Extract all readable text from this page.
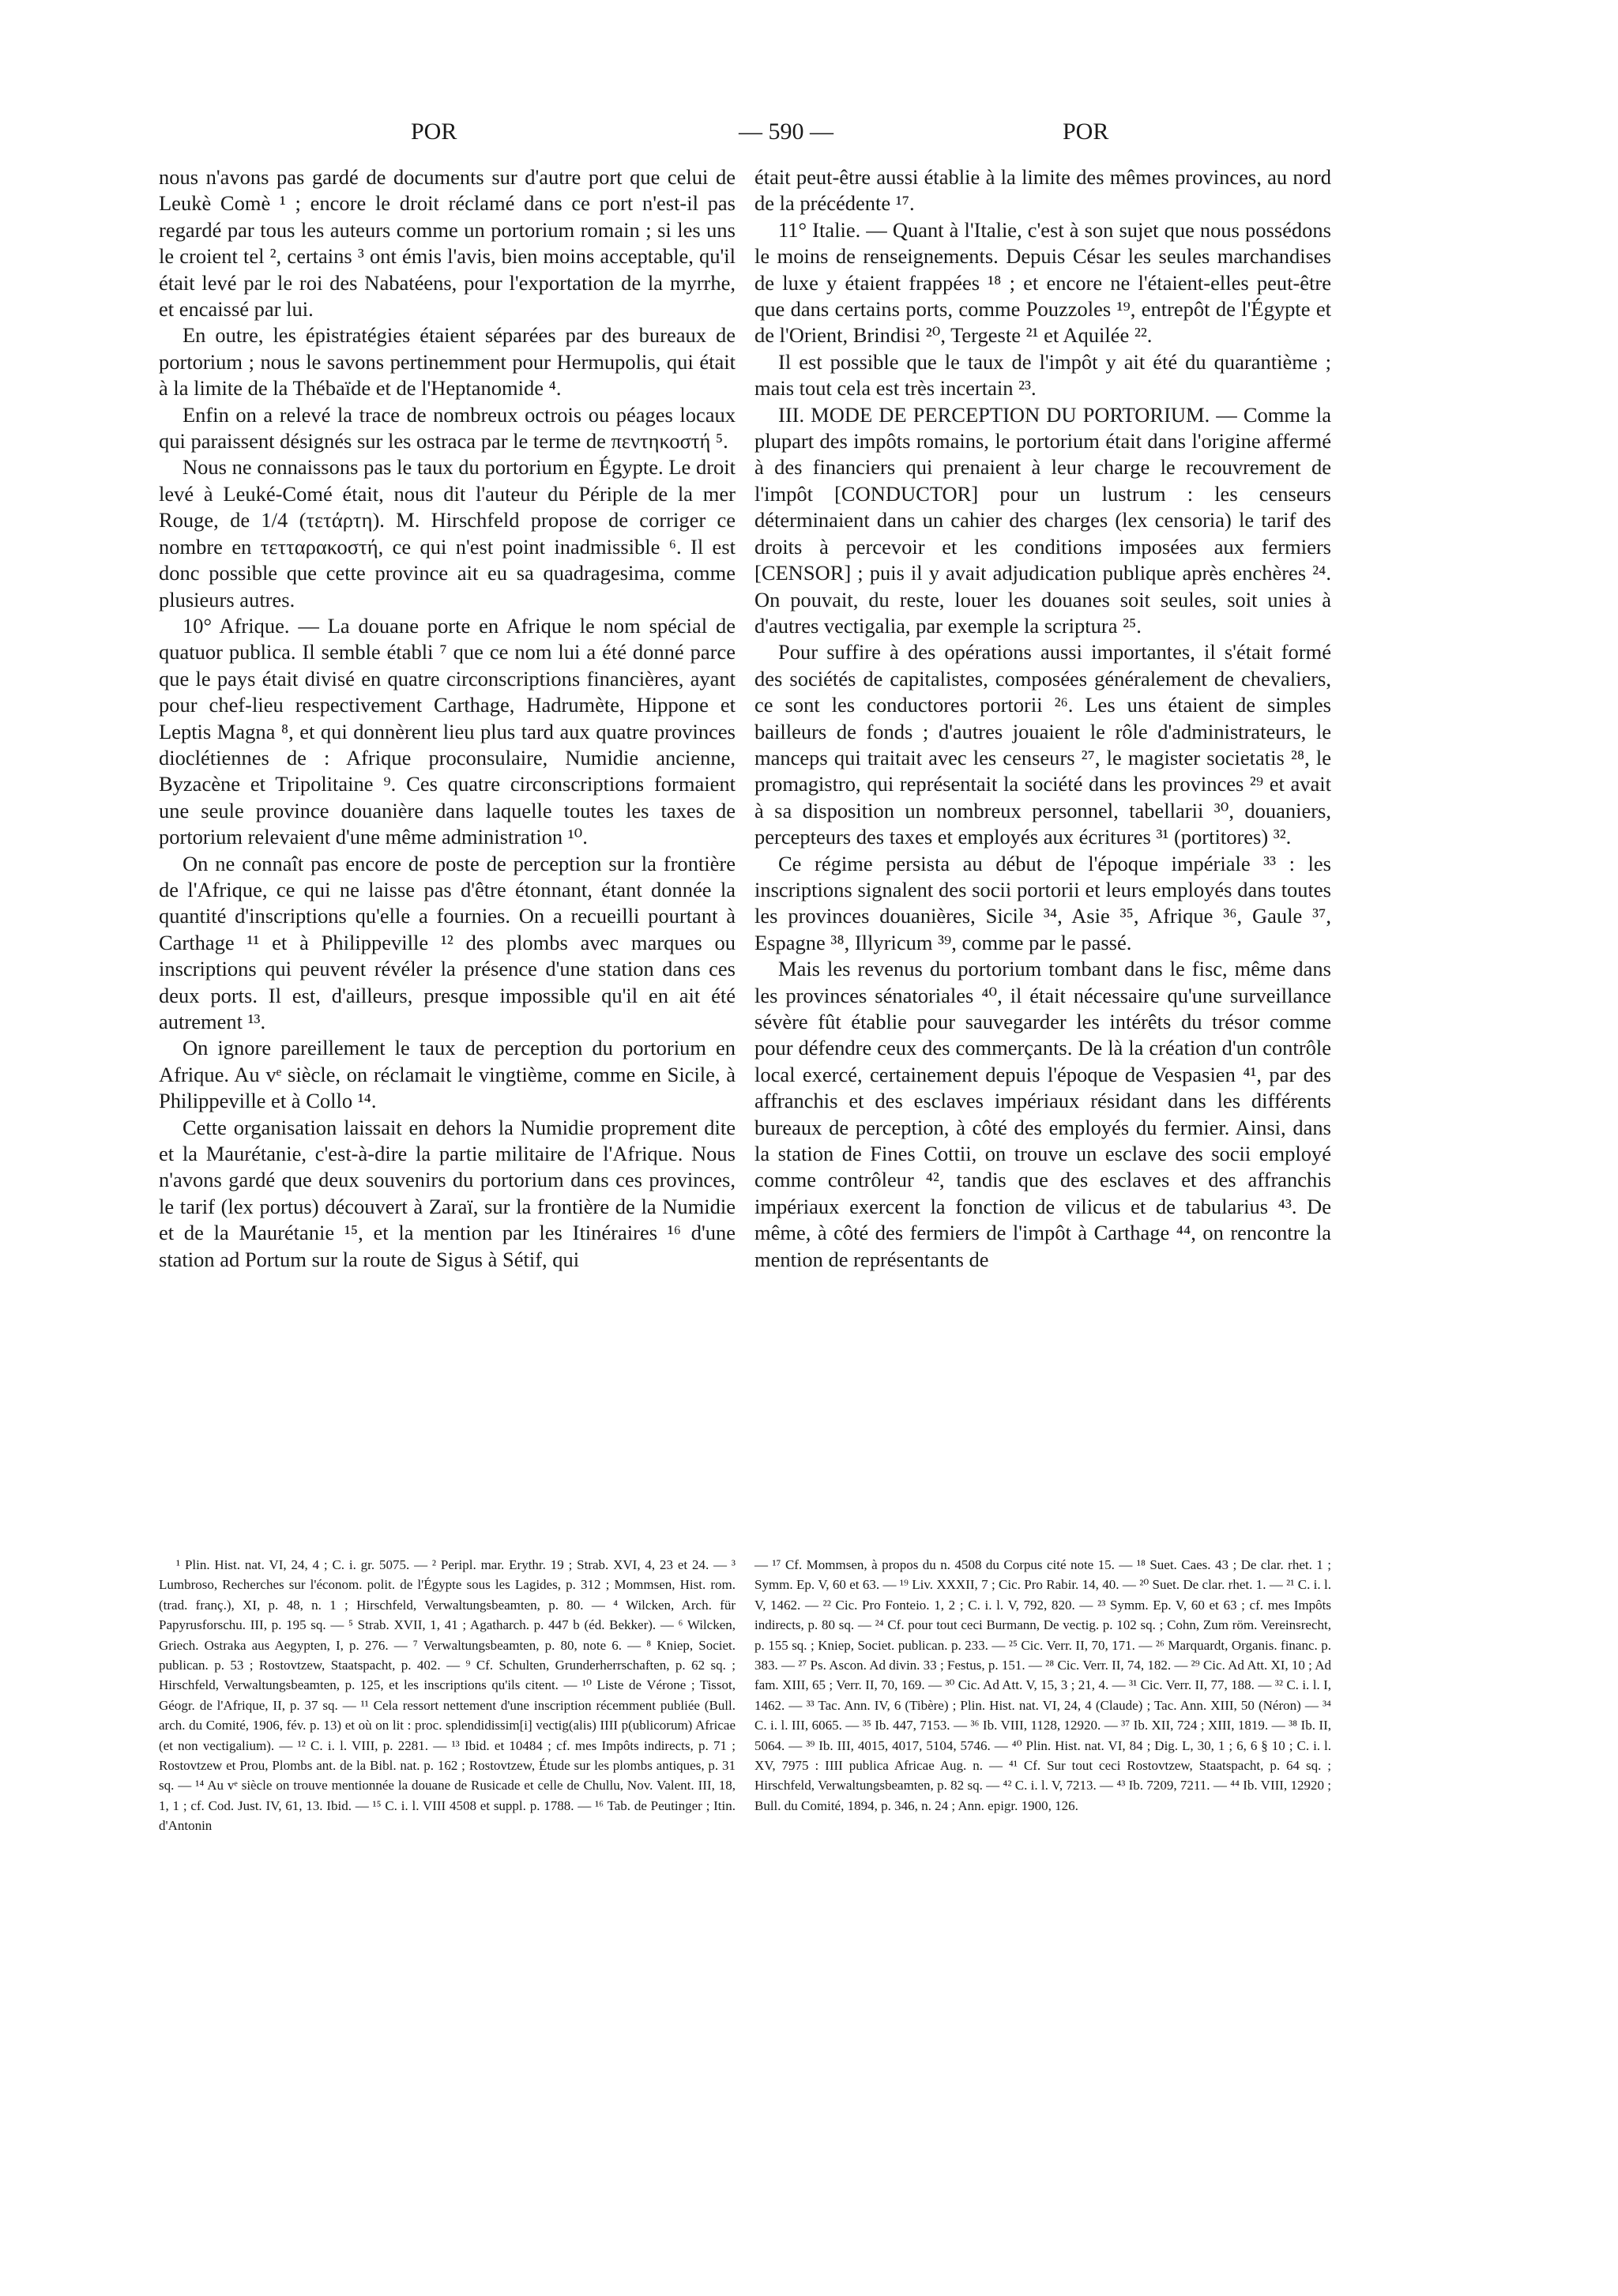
POR	— 590 —	POR

nous n'avons pas gardé de documents sur d'autre port que celui de Leukè Comè ¹ ; encore le droit réclamé dans ce port n'est-il pas regardé par tous les auteurs comme un portorium romain ; si les uns le croient tel ², certains ³ ont émis l'avis, bien moins acceptable, qu'il était levé par le roi des Nabatéens, pour l'exportation de la myrrhe, et encaissé par lui.

En outre, les épistratégies étaient séparées par des bureaux de portorium ; nous le savons pertinemment pour Hermupolis, qui était à la limite de la Thébaïde et de l'Heptanomide ⁴.

Enfin on a relevé la trace de nombreux octrois ou péages locaux qui paraissent désignés sur les ostraca par le terme de πεντηκοστή ⁵.

Nous ne connaissons pas le taux du portorium en Égypte. Le droit levé à Leuké-Comé était, nous dit l'auteur du Périple de la mer Rouge, de 1/4 (τετάρτη). M. Hirschfeld propose de corriger ce nombre en τετταρακοστή, ce qui n'est point inadmissible ⁶. Il est donc possible que cette province ait eu sa quadragesima, comme plusieurs autres.

10° Afrique. — La douane porte en Afrique le nom spécial de quatuor publica. Il semble établi ⁷ que ce nom lui a été donné parce que le pays était divisé en quatre circonscriptions financières, ayant pour chef-lieu respectivement Carthage, Hadrumète, Hippone et Leptis Magna ⁸, et qui donnèrent lieu plus tard aux quatre provinces dioclétiennes de : Afrique proconsulaire, Numidie ancienne, Byzacène et Tripolitaine ⁹. Ces quatre circonscriptions formaient une seule province douanière dans laquelle toutes les taxes de portorium relevaient d'une même administration ¹⁰.

On ne connaît pas encore de poste de perception sur la frontière de l'Afrique, ce qui ne laisse pas d'être étonnant, étant donnée la quantité d'inscriptions qu'elle a fournies. On a recueilli pourtant à Carthage ¹¹ et à Philippeville ¹² des plombs avec marques ou inscriptions qui peuvent révéler la présence d'une station dans ces deux ports. Il est, d'ailleurs, presque impossible qu'il en ait été autrement ¹³.

On ignore pareillement le taux de perception du portorium en Afrique. Au vᵉ siècle, on réclamait le vingtième, comme en Sicile, à Philippeville et à Collo ¹⁴.

Cette organisation laissait en dehors la Numidie proprement dite et la Maurétanie, c'est-à-dire la partie militaire de l'Afrique. Nous n'avons gardé que deux souvenirs du portorium dans ces provinces, le tarif (lex portus) découvert à Zaraï, sur la frontière de la Numidie et de la Maurétanie ¹⁵, et la mention par les Itinéraires ¹⁶ d'une station ad Portum sur la route de Sigus à Sétif, qui

était peut-être aussi établie à la limite des mêmes provinces, au nord de la précédente ¹⁷.

11° Italie. — Quant à l'Italie, c'est à son sujet que nous possédons le moins de renseignements. Depuis César les seules marchandises de luxe y étaient frappées ¹⁸ ; et encore ne l'étaient-elles peut-être que dans certains ports, comme Pouzzoles ¹⁹, entrepôt de l'Égypte et de l'Orient, Brindisi ²⁰, Tergeste ²¹ et Aquilée ²².

Il est possible que le taux de l'impôt y ait été du quarantième ; mais tout cela est très incertain ²³.

III. MODE DE PERCEPTION DU PORTORIUM. — Comme la plupart des impôts romains, le portorium était dans l'origine affermé à des financiers qui prenaient à leur charge le recouvrement de l'impôt [CONDUCTOR] pour un lustrum : les censeurs déterminaient dans un cahier des charges (lex censoria) le tarif des droits à percevoir et les conditions imposées aux fermiers [CENSOR] ; puis il y avait adjudication publique après enchères ²⁴. On pouvait, du reste, louer les douanes soit seules, soit unies à d'autres vectigalia, par exemple la scriptura ²⁵.

Pour suffire à des opérations aussi importantes, il s'était formé des sociétés de capitalistes, composées généralement de chevaliers, ce sont les conductores portorii ²⁶. Les uns étaient de simples bailleurs de fonds ; d'autres jouaient le rôle d'administrateurs, le manceps qui traitait avec les censeurs ²⁷, le magister societatis ²⁸, le promagistro, qui représentait la société dans les provinces ²⁹ et avait à sa disposition un nombreux personnel, tabellarii ³⁰, douaniers, percepteurs des taxes et employés aux écritures ³¹ (portitores) ³².

Ce régime persista au début de l'époque impériale ³³ : les inscriptions signalent des socii portorii et leurs employés dans toutes les provinces douanières, Sicile ³⁴, Asie ³⁵, Afrique ³⁶, Gaule ³⁷, Espagne ³⁸, Illyricum ³⁹, comme par le passé.

Mais les revenus du portorium tombant dans le fisc, même dans les provinces sénatoriales ⁴⁰, il était nécessaire qu'une surveillance sévère fût établie pour sauvegarder les intérêts du trésor comme pour défendre ceux des commerçants. De là la création d'un contrôle local exercé, certainement depuis l'époque de Vespasien ⁴¹, par des affranchis et des esclaves impériaux résidant dans les différents bureaux de perception, à côté des employés du fermier. Ainsi, dans la station de Fines Cottii, on trouve un esclave des socii employé comme contrôleur ⁴², tandis que des esclaves et des affranchis impériaux exercent la fonction de vilicus et de tabularius ⁴³. De même, à côté des fermiers de l'impôt à Carthage ⁴⁴, on rencontre la mention de représentants de

¹ Plin. Hist. nat. VI, 24, 4 ; C. i. gr. 5075. — ² Peripl. mar. Erythr. 19 ; Strab. XVI, 4, 23 et 24. — ³ Lumbroso, Recherches sur l'économ. polit. de l'Égypte sous les Lagides, p. 312 ; Mommsen, Hist. rom. (trad. franç.), XI, p. 48, n. 1 ; Hirschfeld, Verwaltungsbeamten, p. 80. — ⁴ Wilcken, Arch. für Papyrusforschu. III, p. 195 sq. — ⁵ Strab. XVII, 1, 41 ; Agatharch. p. 447 b (éd. Bekker). — ⁶ Wilcken, Griech. Ostraka aus Aegypten, I, p. 276. — ⁷ Verwaltungsbeamten, p. 80, note 6. — ⁸ Kniep, Societ. publican. p. 53 ; Rostovtzew, Staatspacht, p. 402. — ⁹ Cf. Schulten, Grunderherrschaften, p. 62 sq. ; Hirschfeld, Verwaltungsbeamten, p. 125, et les inscriptions qu'ils citent. — ¹⁰ Liste de Vérone ; Tissot, Géogr. de l'Afrique, II, p. 37 sq. — ¹¹ Cela ressort nettement d'une inscription récemment publiée (Bull. arch. du Comité, 1906, fév. p. 13) et où on lit : proc. splendidissim[i] vectig(alis) IIII p(ublicorum) Africae (et non vectigalium). — ¹² C. i. l. VIII, p. 2281. — ¹³ Ibid. et 10484 ; cf. mes Impôts indirects, p. 71 ; Rostovtzew et Prou, Plombs ant. de la Bibl. nat. p. 162 ; Rostovtzew, Étude sur les plombs antiques, p. 31 sq. — ¹⁴ Au vᵉ siècle on trouve mentionnée la douane de Rusicade et celle de Chullu, Nov. Valent. III, 18, 1, 1 ; cf. Cod. Just. IV, 61, 13. Ibid. — ¹⁵ C. i. l. VIII 4508 et suppl. p. 1788. — ¹⁶ Tab. de Peutinger ; Itin. d'Antonin

— ¹⁷ Cf. Mommsen, à propos du n. 4508 du Corpus cité note 15. — ¹⁸ Suet. Caes. 43 ; De clar. rhet. 1 ; Symm. Ep. V, 60 et 63. — ¹⁹ Liv. XXXII, 7 ; Cic. Pro Rabir. 14, 40. — ²⁰ Suet. De clar. rhet. 1. — ²¹ C. i. l. V, 1462. — ²² Cic. Pro Fonteio. 1, 2 ; C. i. l. V, 792, 820. — ²³ Symm. Ep. V, 60 et 63 ; cf. mes Impôts indirects, p. 80 sq. — ²⁴ Cf. pour tout ceci Burmann, De vectig. p. 102 sq. ; Cohn, Zum röm. Vereinsrecht, p. 155 sq. ; Kniep, Societ. publican. p. 233. — ²⁵ Cic. Verr. II, 70, 171. — ²⁶ Marquardt, Organis. financ. p. 383. — ²⁷ Ps. Ascon. Ad divin. 33 ; Festus, p. 151. — ²⁸ Cic. Verr. II, 74, 182. — ²⁹ Cic. Ad Att. XI, 10 ; Ad fam. XIII, 65 ; Verr. II, 70, 169. — ³⁰ Cic. Ad Att. V, 15, 3 ; 21, 4. — ³¹ Cic. Verr. II, 77, 188. — ³² C. i. l. I, 1462. — ³³ Tac. Ann. IV, 6 (Tibère) ; Plin. Hist. nat. VI, 24, 4 (Claude) ; Tac. Ann. XIII, 50 (Néron) — ³⁴ C. i. l. III, 6065. — ³⁵ Ib. 447, 7153. — ³⁶ Ib. VIII, 1128, 12920. — ³⁷ Ib. XII, 724 ; XIII, 1819. — ³⁸ Ib. II, 5064. — ³⁹ Ib. III, 4015, 4017, 5104, 5746. — ⁴⁰ Plin. Hist. nat. VI, 84 ; Dig. L, 30, 1 ; 6, 6 § 10 ; C. i. l. XV, 7975 : IIII publica Africae Aug. n. — ⁴¹ Cf. Sur tout ceci Rostovtzew, Staatspacht, p. 64 sq. ; Hirschfeld, Verwaltungsbeamten, p. 82 sq. — ⁴² C. i. l. V, 7213. — ⁴³ Ib. 7209, 7211. — ⁴⁴ Ib. VIII, 12920 ; Bull. du Comité, 1894, p. 346, n. 24 ; Ann. epigr. 1900, 126.
